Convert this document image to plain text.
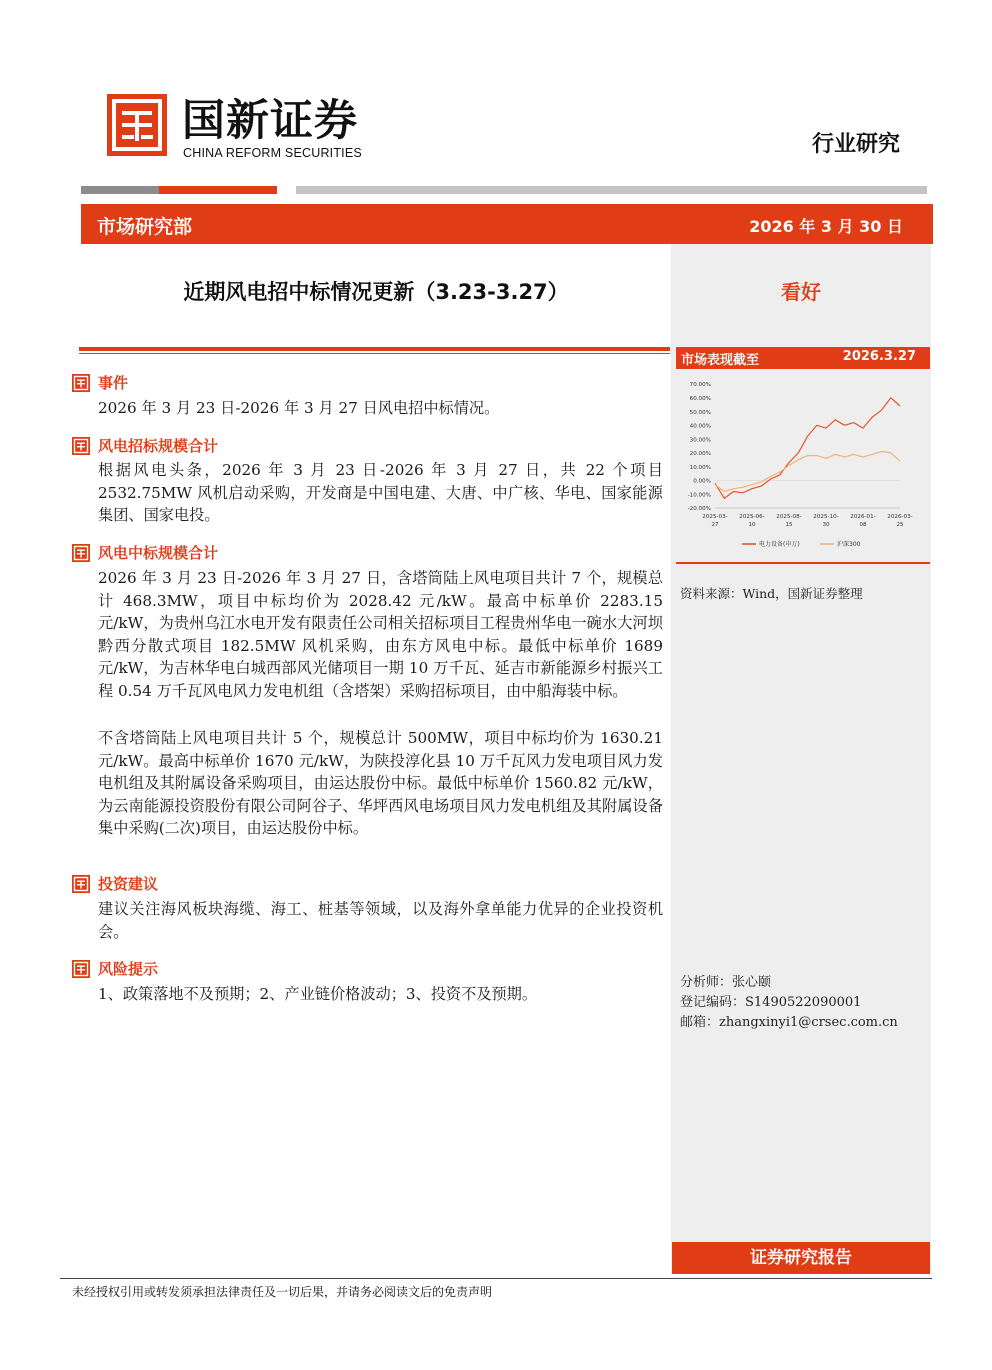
国新证券
CHINA REFORM SECURITIES	行业研究
市场研究部	2026 年 3 月 30 日
近期风电招中标情况更新（3.23-3.27）	看好
市场表现截至	2026.3.27
70.00%
60.00%
50.00%
40.00%
30.00%
20.00%
10.00%
0.00%
-10.00%
-20.00%
2025-03-
27
2025-06-
10
2025-08-
15
2025-10-
30
2026-01-
08
2026-03-
25
电力设备(申万)	沪深300
资料来源：Wind，国新证券整理
分析师：张心颐
登记编码：S1490522090001
邮箱：zhangxinyi1@crsec.com.cn
证券研究报告
事件
2026 年 3 月 23 日-2026 年 3 月 27 日风电招中标情况。
风电招标规模合计
根据风电头条，2026 年 3 月 23 日-2026 年 3 月 27 日，共 22 个项目 2532.75MW 风机启动采购，开发商是中国电建、大唐、中广核、华电、国家能源集团、国家电投。
风电中标规模合计
2026 年 3 月 23 日-2026 年 3 月 27 日，含塔筒陆上风电项目共计 7 个，规模总计 468.3MW，项目中标均价为 2028.42 元/kW。最高中标单价 2283.15 元/kW，为贵州乌江水电开发有限责任公司相关招标项目工程贵州华电一碗水大河坝黔西分散式项目 182.5MW 风机采购，由东方风电中标。最低中标单价 1689 元/kW，为吉林华电白城西部风光储项目一期 10 万千瓦、延吉市新能源乡村振兴工程 0.54 万千瓦风电风力发电机组（含塔架）采购招标项目，由中船海装中标。
不含塔筒陆上风电项目共计 5 个，规模总计 500MW，项目中标均价为 1630.21 元/kW。最高中标单价 1670 元/kW，为陕投淳化县 10 万千瓦风力发电项目风力发电机组及其附属设备采购项目，由运达股份中标。最低中标单价 1560.82 元/kW，为云南能源投资股份有限公司阿谷子、华坪西风电场项目风力发电机组及其附属设备集中采购(二次)项目，由运达股份中标。
投资建议
建议关注海风板块海缆、海工、桩基等领域，以及海外拿单能力优异的企业投资机会。
风险提示
1、政策落地不及预期；2、产业链价格波动；3、投资不及预期。
未经授权引用或转发须承担法律责任及一切后果，并请务必阅读文后的免责声明
